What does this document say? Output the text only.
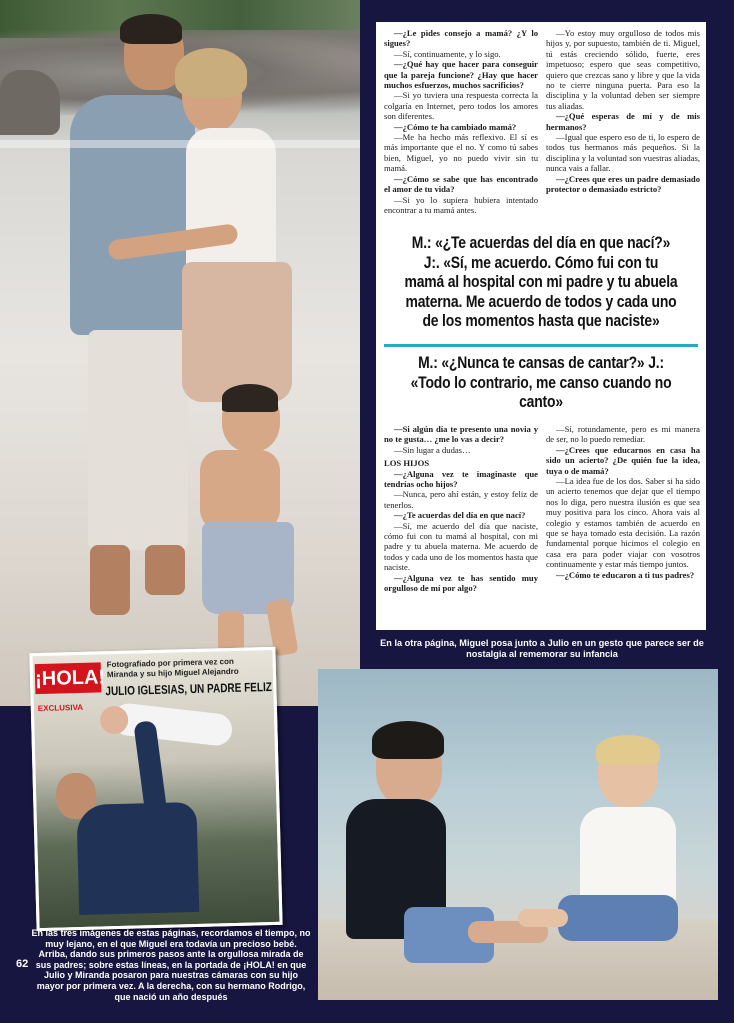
—¿Le pides consejo a mamá? ¿Y lo sigues?

—Sí, continuamente, y lo sigo.

—¿Qué hay que hacer para conseguir que la pareja funcione? ¿Hay que hacer muchos esfuerzos, muchos sacrificios?

—Si yo tuviera una respuesta correcta la colgaría en Internet, pero todos los amores son diferentes.

—¿Cómo te ha cambiado mamá?

—Me ha hecho más reflexivo. El sí es más importante que el no. Y como tú sabes bien, Miguel, yo no puedo vivir sin tu mamá.

—¿Cómo se sabe que has encontrado el amor de tu vida?

—Si yo lo supiera hubiera intentado encontrar a tu mamá antes.

—Yo estoy muy orgulloso de todos mis hijos y, por supuesto, también de ti. Miguel, tú estás creciendo sólido, fuerte, eres impetuoso; espero que seas competitivo, quiero que crezcas sano y libre y que la vida no te cierre ninguna puerta. Para eso la disciplina y la voluntad deben ser siempre tus aliadas.

—¿Qué esperas de mí y de mis hermanos?

—Igual que espero eso de ti, lo espero de todos tus hermanos más pequeños. Si la disciplina y la voluntad son vuestras aliadas, nunca vais a fallar.

—¿Crees que eres un padre demasiado protector o demasiado estricto?

M.: «¿Te acuerdas del día en que nací?» J:. «Sí, me acuerdo. Cómo fui con tu mamá al hospital con mi padre y tu abuela materna. Me acuerdo de todos y cada uno de los momentos hasta que naciste»
M.: «¿Nunca te cansas de cantar?» J.: «Todo lo contrario, me canso cuando no canto»

—Si algún día te presento una novia y no te gusta… ¿me lo vas a decir?

—Sin lugar a dudas…

LOS HIJOS

—¿Alguna vez te imaginaste que tendrías ocho hijos?

—Nunca, pero ahí están, y estoy feliz de tenerlos.

—¿Te acuerdas del día en que nací?

—Sí, me acuerdo del día que naciste, cómo fui con tu mamá al hospital, con mi padre y tu abuela materna. Me acuerdo de todos y cada uno de los momentos hasta que naciste.

—¿Alguna vez te has sentido muy orgulloso de mí por algo?

—Sí, rotundamente, pero es mi manera de ser, no lo puedo remediar.

—¿Crees que educarnos en casa ha sido un acierto? ¿De quién fue la idea, tuya o de mamá?

—La idea fue de los dos. Saber si ha sido un acierto tenemos que dejar que el tiempo nos lo diga, pero nuestra ilusión es que sea muy positiva para los cinco. Ahora vais al colegio y estamos también de acuerdo en que se haya tomado esta decisión. La razón fundamental porque hicimos el colegio en casa era para poder viajar con vosotros continuamente y estar más tiempo juntos.

—¿Cómo te educaron a ti tus padres?

En la otra página, Miguel posa junto a Julio en un gesto que parece ser de nostalgia al rememorar su infancia
¡HOLA!
Fotografiado por primera vez con Miranda y su hijo Miguel Alejandro
JULIO IGLESIAS, UN PADRE FELIZ
EXCLUSIVA
En las tres imágenes de estas páginas, recordamos el tiempo, no muy lejano, en el que Miguel era todavía un precioso bebé. Arriba, dando sus primeros pasos ante la orgullosa mirada de sus padres; sobre estas líneas, en la portada de ¡HOLA! en que Julio y Miranda posaron para nuestras cámaras con su hijo mayor por primera vez. A la derecha, con su hermano Rodrigo, que nació un año después
62
